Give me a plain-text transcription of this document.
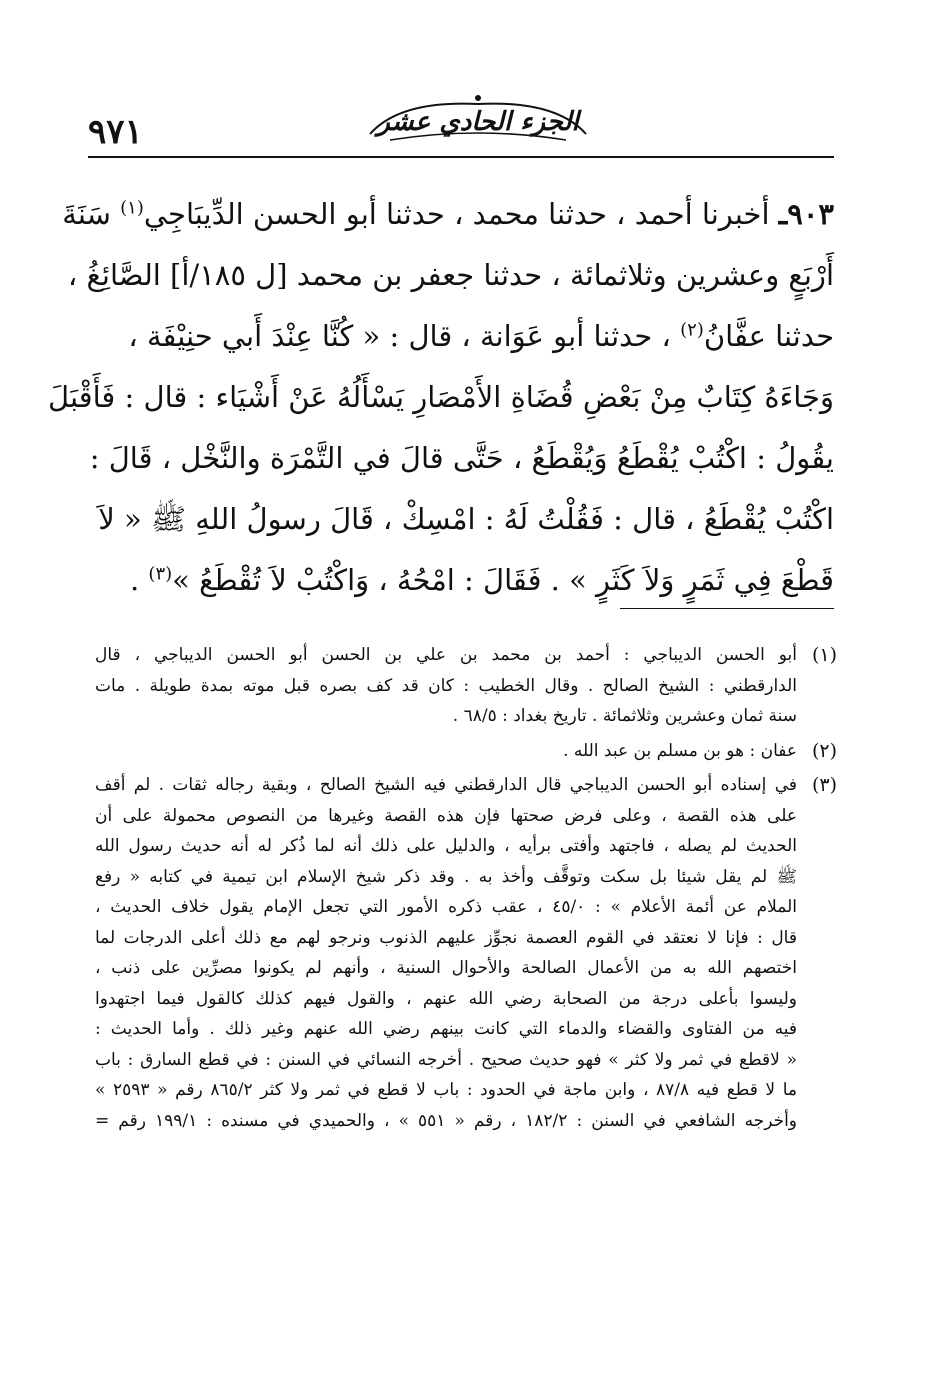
الجزء الحادي عشر
٩٧١
٩٠٣ـ أخبرنا أحمد ، حدثنا محمد ، حدثنا أبو الحسن الدِّيبَاجِي$^{(١)}$ سَنَةَ
أَرْبَعٍ وعشرين وثلاثمائة ، حدثنا جعفر بن محمد [ل ١٨٥/أ] الصَّائِغُ ،
حدثنا عفَّانُ$^{(٢)}$ ، حدثنا أبو عَوَانة ، قال : « كُنَّا عِنْدَ أَبي حنِيْفَة ،
وَجَاءَهُ كِتَابٌ مِنْ بَعْضِ قُضَاةِ الأَمْصَارِ يَسْأَلُهُ عَنْ أَشْيَاء : قال : فَأَقْبَلَ
يقُولُ : اكْتُبْ يُقْطَعُ وَيُقْطَعُ ، حَتَّى قالَ في التَّمْرَة والنَّخْل ، قَالَ :
اكْتُبْ يُقْطَعُ ، قال : فَقُلْتُ لَهُ : امْسِكْ ، قَالَ رسولُ اللهِ ﷺ « لاَ
قَطْعَ فِي ثَمَرٍ وَلاَ كَثَرٍ » . فَقَالَ : امْحُهُ ، وَاكْتُبْ لاَ تُقْطَعُ »$^{(٣)}$ .
(١)
أبو الحسن الديباجي : أحمد بن محمد بن علي بن الحسن أبو الحسن الديباجي ، قال
الدارقطني : الشيخ الصالح . وقال الخطيب : كان قد كف بصره قبل موته بمدة طويلة . مات
سنة ثمان وعشرين وثلاثمائة . تاريخ بغداد : ٦٨/٥ .
(٢)
عفان : هو بن مسلم بن عبد الله .
(٣)
في إسناده أبو الحسن الديباجي قال الدارقطني فيه الشيخ الصالح ، وبقية رجاله ثقات . لم أقف
على هذه القصة ، وعلى فرض صحتها فإن هذه القصة وغيرها من النصوص محمولة على أن
الحديث لم يصله ، فاجتهد وأفتى برأيه ، والدليل على ذلك أنه لما ذُكر له أنه حديث رسول الله
ﷺ لم يقل شيئا بل سكت وتوقَّف وأخذ به . وقد ذكر شيخ الإسلام ابن تيمية في كتابه « رفع
الملام عن أئمة الأعلام » : ٤٥/٠ ، عقب ذكره الأمور التي تجعل الإمام يقول خلاف الحديث ،
قال : فإنا لا نعتقد في القوم العصمة نجوِّز عليهم الذنوب ونرجو لهم مع ذلك أعلى الدرجات لما
اختصهم الله به من الأعمال الصالحة والأحوال السنية ، وأنهم لم يكونوا مصرِّين على ذنب ،
وليسوا بأعلى درجة من الصحابة رضي الله عنهم ، والقول فيهم كذلك كالقول فيما اجتهدوا
فيه من الفتاوى والقضاء والدماء التي كانت بينهم رضي الله عنهم وغير ذلك . وأما الحديث :
« لاقطع في ثمر ولا كثر » فهو حديث صحيح . أخرجه النسائي في السنن : في قطع السارق : باب
ما لا قطع فيه ٨٧/٨ ، وابن ماجة في الحدود : باب لا قطع في ثمر ولا كثر ٨٦٥/٢ رقم « ٢٥٩٣ »
وأخرجه الشافعي في السنن : ١٨٢/٢ ، رقم « ٥٥١ » ، والحميدي في مسنده : ١٩٩/١ رقم =
